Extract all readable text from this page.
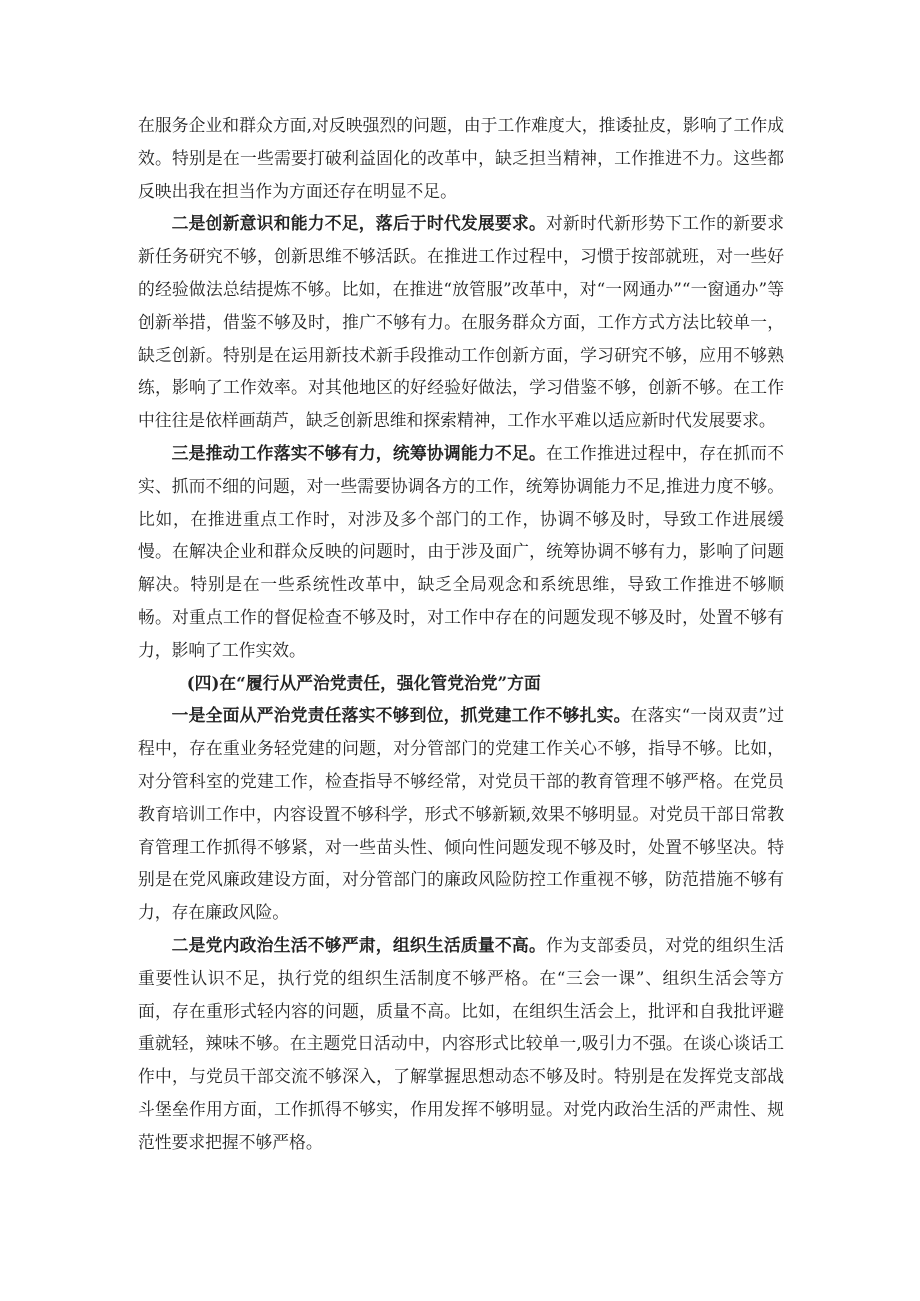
在服务企业和群众方面,对反映强烈的问题，由于工作难度大，推诿扯皮，影响了工作成效。特别是在一些需要打破利益固化的改革中，缺乏担当精神，工作推进不力。这些都反映出我在担当作为方面还存在明显不足。

二是创新意识和能力不足，落后于时代发展要求。对新时代新形势下工作的新要求新任务研究不够，创新思维不够活跃。在推进工作过程中，习惯于按部就班，对一些好的经验做法总结提炼不够。比如，在推进“放管服”改革中，对“一网通办”“一窗通办”等创新举措，借鉴不够及时，推广不够有力。在服务群众方面，工作方式方法比较单一，缺乏创新。特别是在运用新技术新手段推动工作创新方面，学习研究不够，应用不够熟练，影响了工作效率。对其他地区的好经验好做法，学习借鉴不够，创新不够。在工作中往往是依样画葫芦，缺乏创新思维和探索精神，工作水平难以适应新时代发展要求。

三是推动工作落实不够有力，统筹协调能力不足。在工作推进过程中，存在抓而不实、抓而不细的问题，对一些需要协调各方的工作，统筹协调能力不足,推进力度不够。比如，在推进重点工作时，对涉及多个部门的工作，协调不够及时，导致工作进展缓慢。在解决企业和群众反映的问题时，由于涉及面广，统筹协调不够有力，影响了问题解决。特别是在一些系统性改革中，缺乏全局观念和系统思维，导致工作推进不够顺畅。对重点工作的督促检查不够及时，对工作中存在的问题发现不够及时，处置不够有力，影响了工作实效。

(四)在“履行从严治党责任，强化管党治党”方面

一是全面从严治党责任落实不够到位，抓党建工作不够扎实。在落实“一岗双责”过程中，存在重业务轻党建的问题，对分管部门的党建工作关心不够，指导不够。比如，对分管科室的党建工作，检查指导不够经常，对党员干部的教育管理不够严格。在党员教育培训工作中，内容设置不够科学，形式不够新颖,效果不够明显。对党员干部日常教育管理工作抓得不够紧，对一些苗头性、倾向性问题发现不够及时，处置不够坚决。特别是在党风廉政建设方面，对分管部门的廉政风险防控工作重视不够，防范措施不够有力，存在廉政风险。

二是党内政治生活不够严肃，组织生活质量不高。作为支部委员，对党的组织生活重要性认识不足，执行党的组织生活制度不够严格。在“三会一课”、组织生活会等方面，存在重形式轻内容的问题，质量不高。比如，在组织生活会上，批评和自我批评避重就轻，辣味不够。在主题党日活动中，内容形式比较单一,吸引力不强。在谈心谈话工作中，与党员干部交流不够深入，了解掌握思想动态不够及时。特别是在发挥党支部战斗堡垒作用方面，工作抓得不够实，作用发挥不够明显。对党内政治生活的严肃性、规范性要求把握不够严格。
